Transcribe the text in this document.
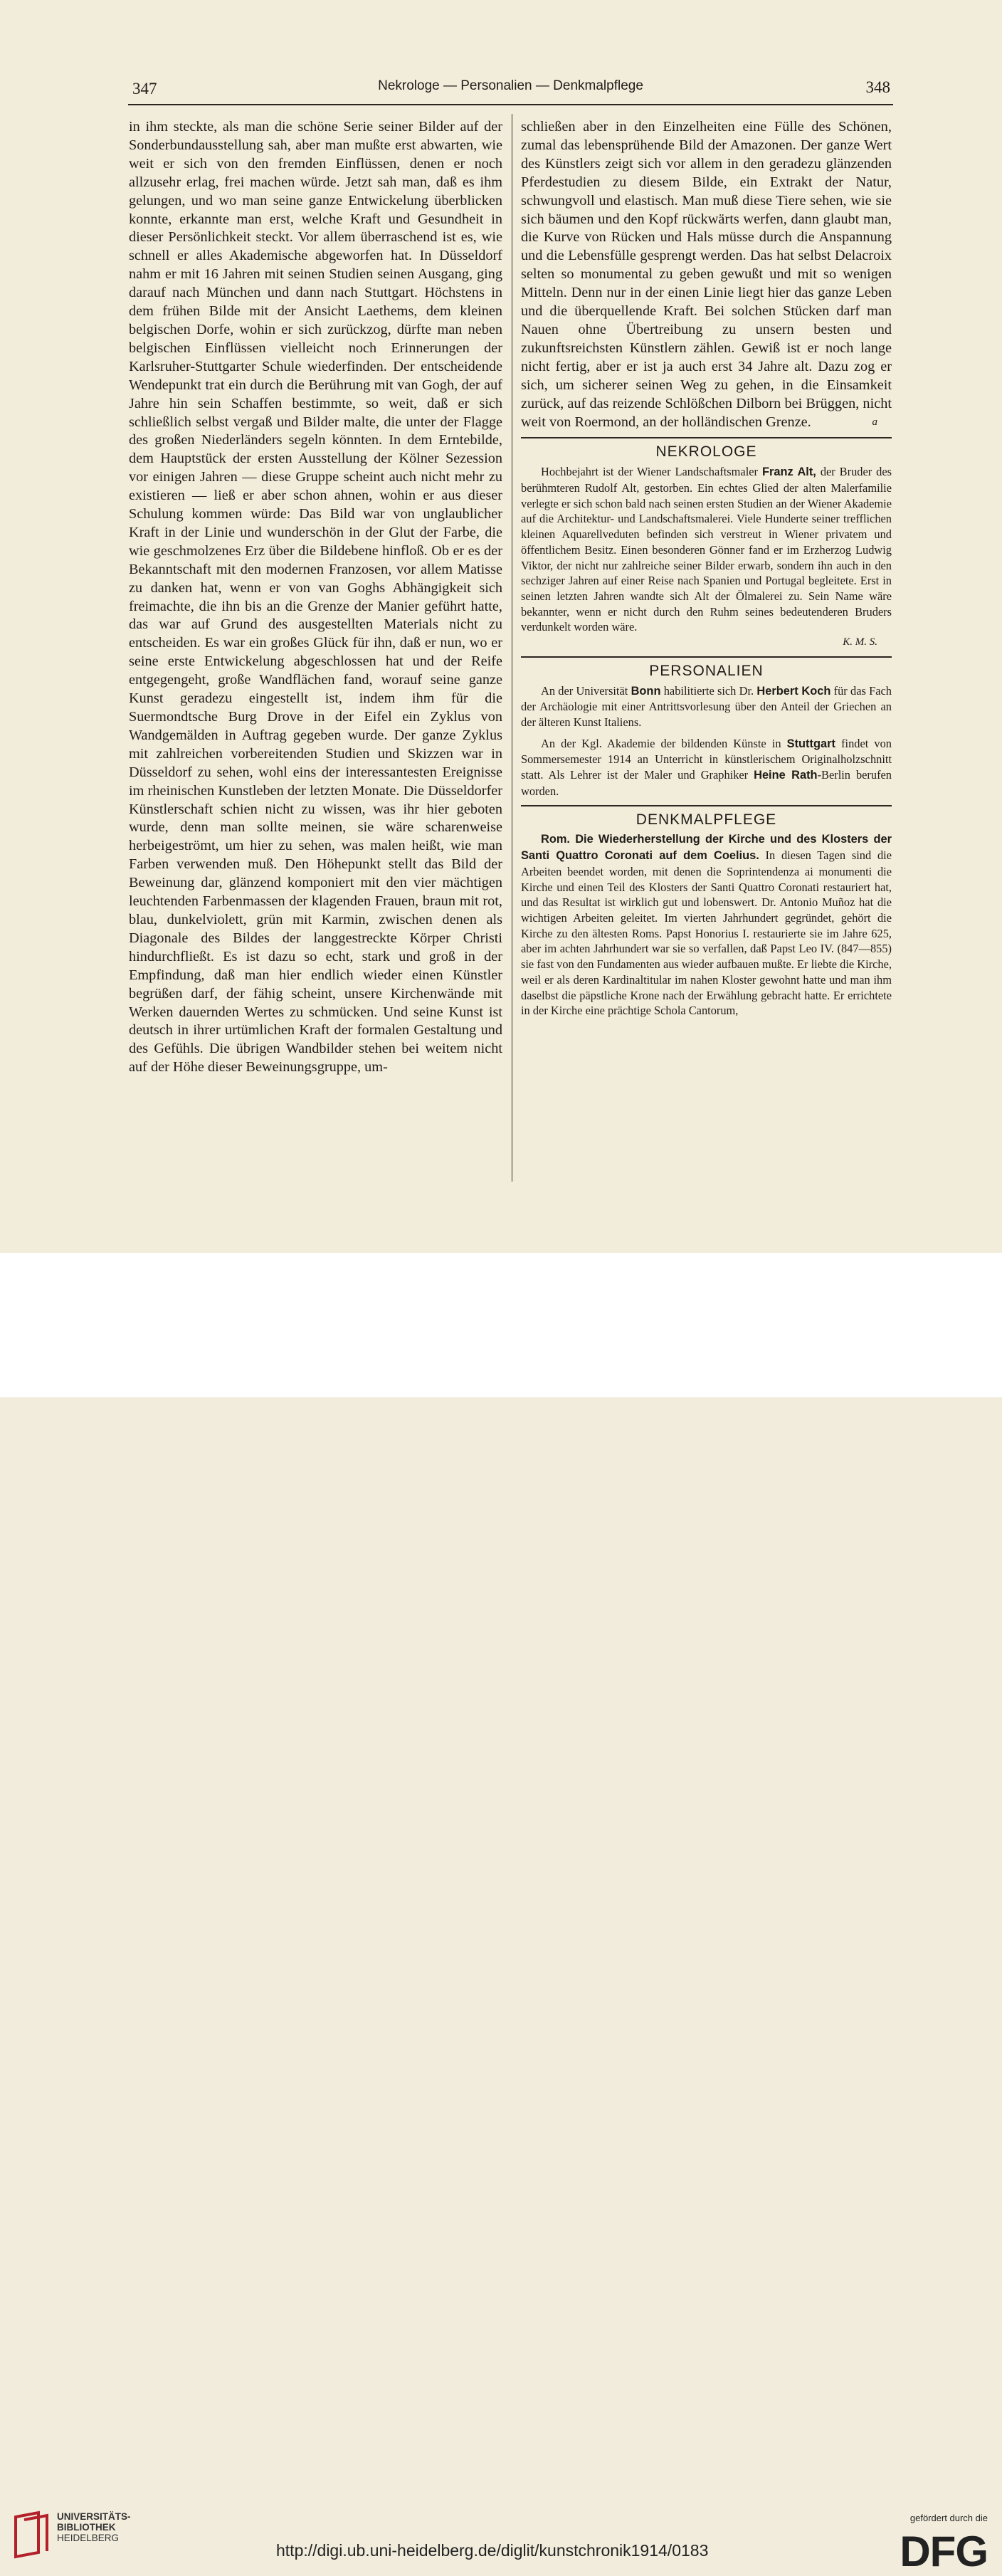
347	Nekrologe — Personalien — Denkmalpflege	348

in ihm steckte, als man die schöne Serie seiner Bilder auf der Sonderbundausstellung sah, aber man mußte erst abwarten, wie weit er sich von den fremden Einflüssen, denen er noch allzusehr erlag, frei machen würde. Jetzt sah man, daß es ihm gelungen, und wo man seine ganze Entwickelung überblicken konnte, erkannte man erst, welche Kraft und Gesundheit in dieser Persönlichkeit steckt. Vor allem überraschend ist es, wie schnell er alles Akademische abgeworfen hat. In Düsseldorf nahm er mit 16 Jahren mit seinen Studien seinen Ausgang, ging darauf nach München und dann nach Stuttgart. Höchstens in dem frühen Bilde mit der Ansicht Laethems, dem kleinen belgischen Dorfe, wohin er sich zurückzog, dürfte man neben belgischen Einflüssen vielleicht noch Erinnerungen der Karlsruher-Stuttgarter Schule wiederfinden. Der entscheidende Wendepunkt trat ein durch die Berührung mit van Gogh, der auf Jahre hin sein Schaffen bestimmte, so weit, daß er sich schließlich selbst vergaß und Bilder malte, die unter der Flagge des großen Niederländers segeln könnten. In dem Erntebilde, dem Hauptstück der ersten Ausstellung der Kölner Sezession vor einigen Jahren — diese Gruppe scheint auch nicht mehr zu existieren — ließ er aber schon ahnen, wohin er aus dieser Schulung kommen würde: Das Bild war von unglaublicher Kraft in der Linie und wunderschön in der Glut der Farbe, die wie geschmolzenes Erz über die Bildebene hinfloß. Ob er es der Bekanntschaft mit den modernen Franzosen, vor allem Matisse zu danken hat, wenn er von van Goghs Abhängigkeit sich freimachte, die ihn bis an die Grenze der Manier geführt hatte, das war auf Grund des ausgestellten Materials nicht zu entscheiden. Es war ein großes Glück für ihn, daß er nun, wo er seine erste Entwickelung abgeschlossen hat und der Reife entgegengeht, große Wandflächen fand, worauf seine ganze Kunst geradezu eingestellt ist, indem ihm für die Suermondtsche Burg Drove in der Eifel ein Zyklus von Wandgemälden in Auftrag gegeben wurde. Der ganze Zyklus mit zahlreichen vorbereitenden Studien und Skizzen war in Düsseldorf zu sehen, wohl eins der interessantesten Ereignisse im rheinischen Kunstleben der letzten Monate. Die Düsseldorfer Künstlerschaft schien nicht zu wissen, was ihr hier geboten wurde, denn man sollte meinen, sie wäre scharenweise herbeigeströmt, um hier zu sehen, was malen heißt, wie man Farben verwenden muß. Den Höhepunkt stellt das Bild der Beweinung dar, glänzend komponiert mit den vier mächtigen leuchtenden Farbenmassen der klagenden Frauen, braun mit rot, blau, dunkelviolett, grün mit Karmin, zwischen denen als Diagonale des Bildes der langgestreckte Körper Christi hindurchfließt. Es ist dazu so echt, stark und groß in der Empfindung, daß man hier endlich wieder einen Künstler begrüßen darf, der fähig scheint, unsere Kirchenwände mit Werken dauernden Wertes zu schmücken. Und seine Kunst ist deutsch in ihrer urtümlichen Kraft der formalen Gestaltung und des Gefühls. Die übrigen Wandbilder stehen bei weitem nicht auf der Höhe dieser Beweinungsgruppe, um-

schließen aber in den Einzelheiten eine Fülle des Schönen, zumal das lebensprühende Bild der Amazonen. Der ganze Wert des Künstlers zeigt sich vor allem in den geradezu glänzenden Pferdestudien zu diesem Bilde, ein Extrakt der Natur, schwungvoll und elastisch. Man muß diese Tiere sehen, wie sie sich bäumen und den Kopf rückwärts werfen, dann glaubt man, die Kurve von Rücken und Hals müsse durch die Anspannung und die Lebensfülle gesprengt werden. Das hat selbst Delacroix selten so monumental zu geben gewußt und mit so wenigen Mitteln. Denn nur in der einen Linie liegt hier das ganze Leben und die überquellende Kraft. Bei solchen Stücken darf man Nauen ohne Übertreibung zu unsern besten und zukunftsreichsten Künstlern zählen. Gewiß ist er noch lange nicht fertig, aber er ist ja auch erst 34 Jahre alt. Dazu zog er sich, um sicherer seinen Weg zu gehen, in die Einsamkeit zurück, auf das reizende Schlößchen Dilborn bei Brüggen, nicht weit von Roermond, an der holländischen Grenze.	a

NEKROLOGE

Hochbejahrt ist der Wiener Landschaftsmaler Franz Alt, der Bruder des berühmteren Rudolf Alt, gestorben. Ein echtes Glied der alten Malerfamilie verlegte er sich schon bald nach seinen ersten Studien an der Wiener Akademie auf die Architektur- und Landschaftsmalerei. Viele Hunderte seiner trefflichen kleinen Aquarellveduten befinden sich verstreut in Wiener privatem und öffentlichem Besitz. Einen besonderen Gönner fand er im Erzherzog Ludwig Viktor, der nicht nur zahlreiche seiner Bilder erwarb, sondern ihn auch in den sechziger Jahren auf einer Reise nach Spanien und Portugal begleitete. Erst in seinen letzten Jahren wandte sich Alt der Ölmalerei zu. Sein Name wäre bekannter, wenn er nicht durch den Ruhm seines bedeutenderen Bruders verdunkelt worden wäre.

K. M. S.
PERSONALIEN

An der Universität Bonn habilitierte sich Dr. Herbert Koch für das Fach der Archäologie mit einer Antrittsvorlesung über den Anteil der Griechen an der älteren Kunst Italiens.

An der Kgl. Akademie der bildenden Künste in Stuttgart findet von Sommersemester 1914 an Unterricht in künstlerischem Originalholzschnitt statt. Als Lehrer ist der Maler und Graphiker Heine Rath-Berlin berufen worden.

DENKMALPFLEGE

Rom. Die Wiederherstellung der Kirche und des Klosters der Santi Quattro Coronati auf dem Coelius. In diesen Tagen sind die Arbeiten beendet worden, mit denen die Soprintendenza ai monumenti die Kirche und einen Teil des Klosters der Santi Quattro Coronati restauriert hat, und das Resultat ist wirklich gut und lobenswert. Dr. Antonio Muñoz hat die wichtigen Arbeiten geleitet. Im vierten Jahrhundert gegründet, gehört die Kirche zu den ältesten Roms. Papst Honorius I. restaurierte sie im Jahre 625, aber im achten Jahrhundert war sie so verfallen, daß Papst Leo IV. (847—855) sie fast von den Fundamenten aus wieder aufbauen mußte. Er liebte die Kirche, weil er als deren Kardinaltitular im nahen Kloster gewohnt hatte und man ihm daselbst die päpstliche Krone nach der Erwählung gebracht hatte. Er errichtete in der Kirche eine prächtige Schola Cantorum,

UNIVERSITÄTS-
BIBLIOTHEK
HEIDELBERG
http://digi.ub.uni-heidelberg.de/diglit/kunstchronik1914/0183
gefördert durch die
DFG
